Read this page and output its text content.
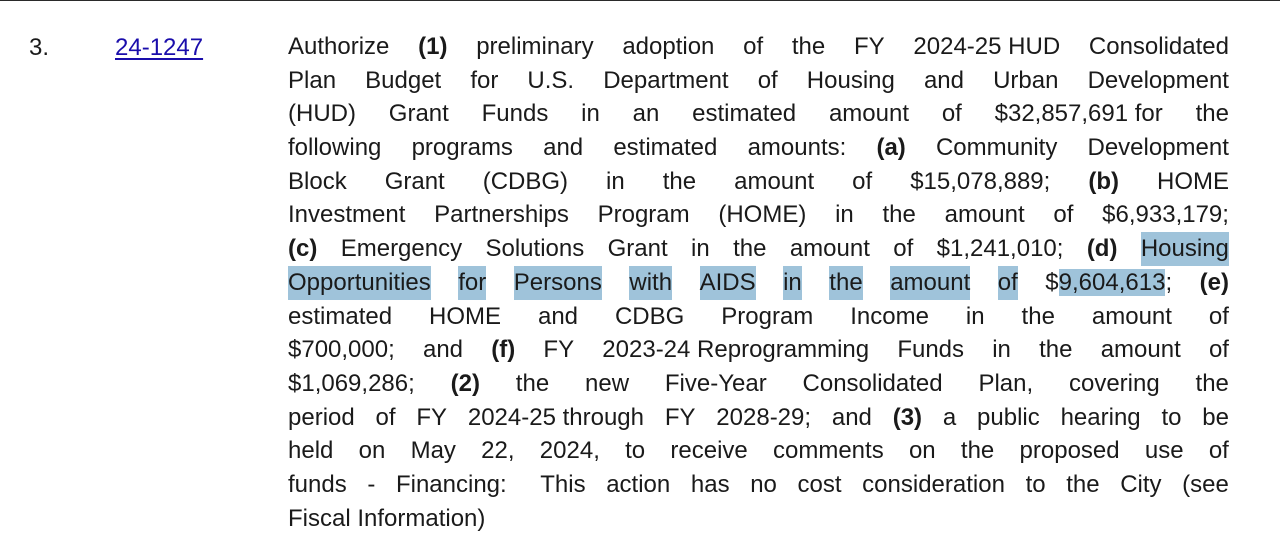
3.	24-1247	Authorize (1) preliminary adoption of the FY 2024-25 HUD Consolidated
Plan Budget for U.S. Department of Housing and Urban Development
(HUD) Grant Funds in an estimated amount of $32,857,691 for the
following programs and estimated amounts: (a) Community Development
Block Grant (CDBG) in the amount of $15,078,889; (b) HOME
Investment Partnerships Program (HOME) in the amount of $6,933,179;
(c) Emergency Solutions Grant in the amount of $1,241,010; (d) Housing
Opportunities for Persons with AIDS in the amount of $9,604,613; (e)
estimated HOME and CDBG Program Income in the amount of
$700,000; and (f) FY 2023-24 Reprogramming Funds in the amount of
$1,069,286; (2) the new Five-Year Consolidated Plan, covering the
period of FY 2024-25 through FY 2028-29; and (3) a public hearing to be
held on May 22, 2024, to receive comments on the proposed use of
funds - Financing: This action has no cost consideration to the City (see
Fiscal Information)
